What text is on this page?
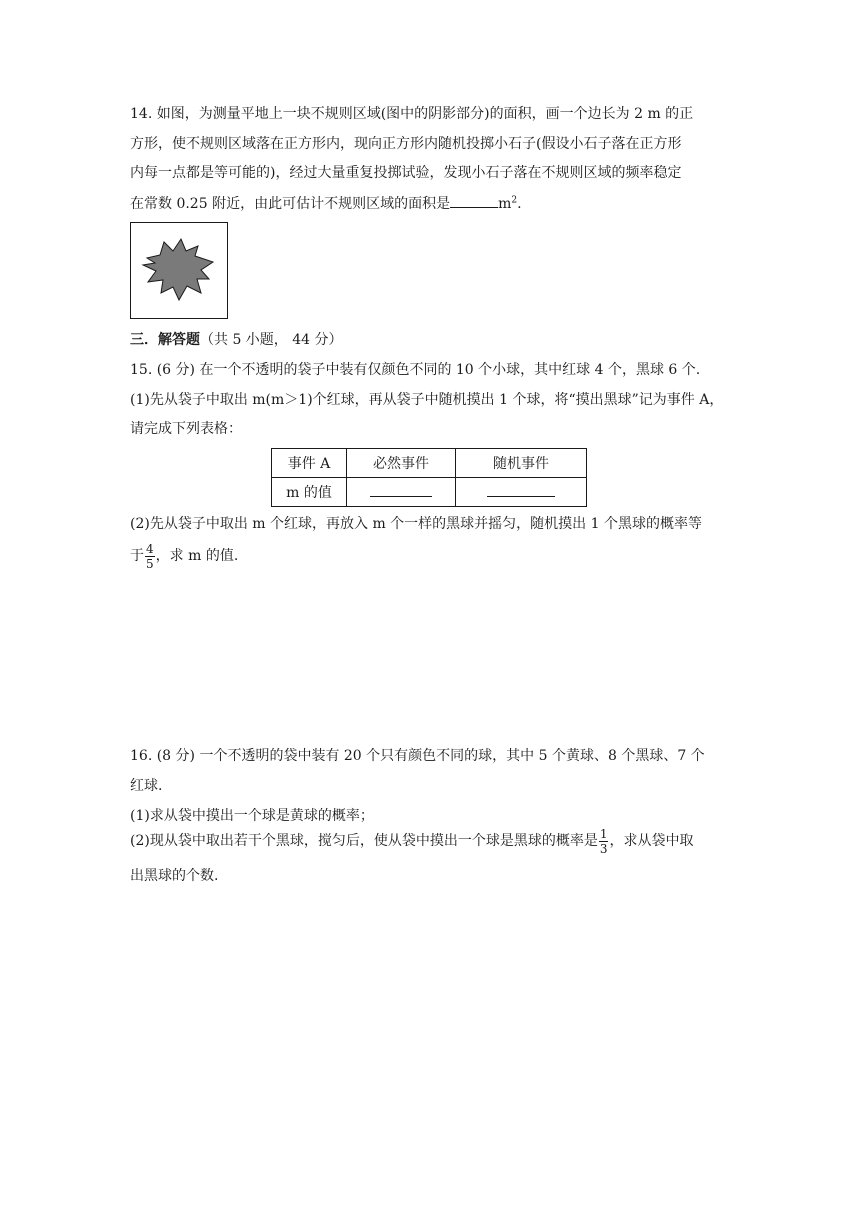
14. 如图，为测量平地上一块不规则区域(图中的阴影部分)的面积，画一个边长为 2 m 的正
方形，使不规则区域落在正方形内，现向正方形内随机投掷小石子(假设小石子落在正方形
内每一点都是等可能的)，经过大量重复投掷试验，发现小石子落在不规则区域的频率稳定
在常数 0.25 附近，由此可估计不规则区域的面积是	$m^2$.
三．解答题（共 5 小题， 44 分）
15. (6 分) 在一个不透明的袋子中装有仅颜色不同的 10 个小球，其中红球 4 个，黑球 6 个.
(1)先从袋子中取出 m(m＞1)个红球，再从袋子中随机摸出 1 个球，将“摸出黑球”记为事件 A，
请完成下列表格：
事件 A	必然事件	随机事件
m 的值		
(2)先从袋子中取出 m 个红球，再放入 m 个一样的黑球并摇匀，随机摸出 1 个黑球的概率等
于 $\frac{4}{5}$ ，求 m 的值.
16. (8 分) 一个不透明的袋中装有 20 个只有颜色不同的球，其中 5 个黄球、8 个黑球、7 个
红球.
(1)求从袋中摸出一个球是黄球的概率；
(2)现从袋中取出若干个黑球，搅匀后，使从袋中摸出一个球是黑球的概率是 $\frac{1}{3}$ ，求从袋中取
出黑球的个数.
